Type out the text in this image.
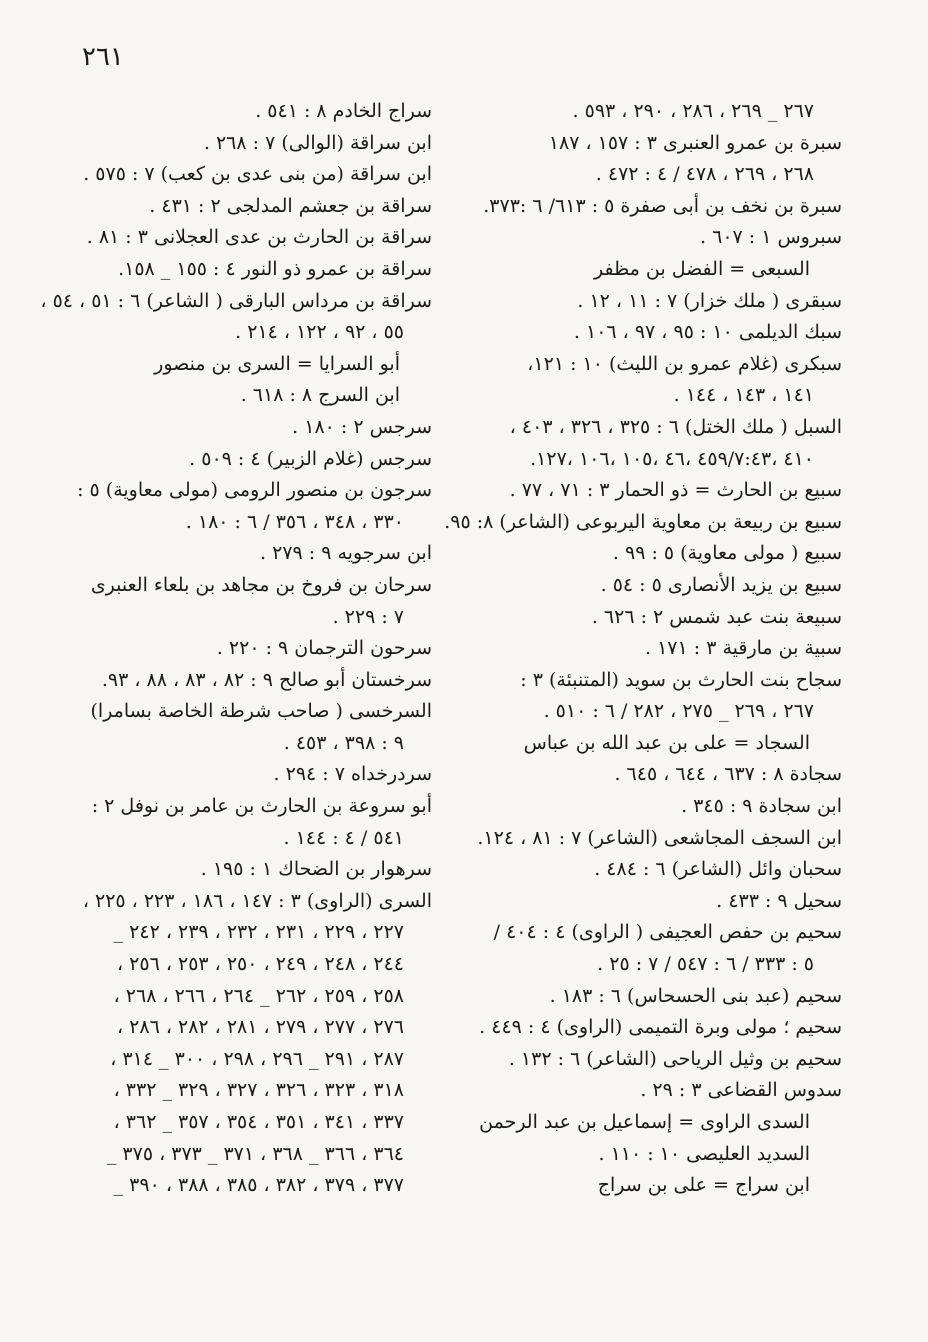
٢٦١
٢٦٧ _ ٢٦٩ ، ٢٨٦ ، ٢٩٠ ، ٥٩٣ .
سبرة بن عمرو العنبرى ٣ : ١٥٧ ، ١٨٧
٢٦٨ ، ٢٦٩ ، ٤٧٨ / ٤ : ٤٧٢ .
سبرة بن نخف بن أبى صفرة ٥ : ٦١٣/ ٦ :٣٧٣.
سبروس ١ : ٦٠٧ .
السبعى = الفضل بن مظفر
سبقرى ( ملك خزار) ٧ : ١١ ، ١٢ .
سبك الديلمى ١٠ : ٩٥ ، ٩٧ ، ١٠٦ .
سبكرى (غلام عمرو بن الليث) ١٠ : ١٢١،
١٤١ ، ١٤٣ ، ١٤٤ .
السبل ( ملك الختل) ٦ : ٣٢٥ ، ٣٢٦ ، ٤٠٣ ،
٤١٠ ،٤٥٩/٧:٤٣ ،٤٦ ،١٠٥ ،١٠٦ ،١٢٧.
سبيع بن الحارث = ذو الحمار ٣ : ٧١ ، ٧٧ .
سبيع بن ربيعة بن معاوية اليربوعى (الشاعر) ٨: ٩٥.
سبيع ( مولى معاوية) ٥ : ٩٩ .
سبيع بن يزيد الأنصارى ٥ : ٥٤ .
سبيعة بنت عبد شمس ٢ : ٦٢٦ .
سبية بن مارقية ٣ : ١٧١ .
سجاح بنت الحارث بن سويد (المتنبئة) ٣ :
٢٦٧ ، ٢٦٩ _ ٢٧٥ ، ٢٨٢ / ٦ : ٥١٠ .
السجاد = على بن عبد الله بن عباس
سجادة ٨ : ٦٣٧ ، ٦٤٤ ، ٦٤٥ .
ابن سجادة ٩ : ٣٤٥ .
ابن السجف المجاشعى (الشاعر) ٧ : ٨١ ، ١٢٤.
سحبان وائل (الشاعر) ٦ : ٤٨٤ .
سحيل ٩ : ٤٣٣ .
سحيم بن حفص العجيفى ( الراوى) ٤ : ٤٠٤ /
٥ : ٣٣٣ / ٦ : ٥٤٧ / ٧ : ٢٥ .
سحيم (عبد بنى الحسحاس) ٦ : ١٨٣ .
سحيم ؛ مولى وبرة التميمى (الراوى) ٤ : ٤٤٩ .
سحيم بن وثيل الرياحى (الشاعر) ٦ : ١٣٢ .
سدوس القضاعى ٣ : ٢٩ .
السدى الراوى = إسماعيل بن عبد الرحمن
السديد العليصى ١٠ : ١١٠ .
ابن سراج = على بن سراج
سراج الخادم ٨ : ٥٤١ .
ابن سراقة (الوالى) ٧ : ٢٦٨ .
ابن سراقة (من بنى عدى بن كعب) ٧ : ٥٧٥ .
سراقة بن جعشم المدلجى ٢ : ٤٣١ .
سراقة بن الحارث بن عدى العجلانى ٣ : ٨١ .
سراقة بن عمرو ذو النور ٤ : ١٥٥ _ ١٥٨.
سراقة بن مرداس البارقى ( الشاعر) ٦ : ٥١ ، ٥٤ ،
٥٥ ، ٩٢ ، ١٢٢ ، ٢١٤ .
أبو السرايا = السرى بن منصور
ابن السرج ٨ : ٦١٨ .
سرجس ٢ : ١٨٠ .
سرجس (غلام الزبير) ٤ : ٥٠٩ .
سرجون بن منصور الرومى (مولى معاوية) ٥ :
٣٣٠ ، ٣٤٨ ، ٣٥٦ / ٦ : ١٨٠ .
ابن سرجويه ٩ : ٢٧٩ .
سرحان بن فروخ بن مجاهد بن بلعاء العنبرى
٧ : ٢٢٩ .
سرحون الترجمان ٩ : ٢٢٠ .
سرخستان أبو صالح ٩ : ٨٢ ، ٨٣ ، ٨٨ ، ٩٣.
السرخسى ( صاحب شرطة الخاصة بسامرا)
٩ : ٣٩٨ ، ٤٥٣ .
سردرخداه ٧ : ٢٩٤ .
أبو سروعة بن الحارث بن عامر بن نوفل ٢ :
٥٤١ / ٤ : ١٤٤ .
سرهوار بن الضحاك ١ : ١٩٥ .
السرى (الراوى) ٣ : ١٤٧ ، ١٨٦ ، ٢٢٣ ، ٢٢٥ ،
٢٢٧ ، ٢٢٩ ، ٢٣١ ، ٢٣٢ ، ٢٣٩ ، ٢٤٢ _
٢٤٤ ، ٢٤٨ ، ٢٤٩ ، ٢٥٠ ، ٢٥٣ ، ٢٥٦ ،
٢٥٨ ، ٢٥٩ ، ٢٦٢ _ ٢٦٤ ، ٢٦٦ ، ٢٦٨ ،
٢٧٦ ، ٢٧٧ ، ٢٧٩ ، ٢٨١ ، ٢٨٢ ، ٢٨٦ ،
٢٨٧ ، ٢٩١ _ ٢٩٦ ، ٢٩٨ ، ٣٠٠ _ ٣١٤ ،
٣١٨ ، ٣٢٣ ، ٣٢٦ ، ٣٢٧ ، ٣٢٩ _ ٣٣٢ ،
٣٣٧ ، ٣٤١ ، ٣٥١ ، ٣٥٤ ، ٣٥٧ _ ٣٦٢ ،
٣٦٤ ، ٣٦٦ _ ٣٦٨ ، ٣٧١ _ ٣٧٣ ، ٣٧٥ _
٣٧٧ ، ٣٧٩ ، ٣٨٢ ، ٣٨٥ ، ٣٨٨ ، ٣٩٠ _
